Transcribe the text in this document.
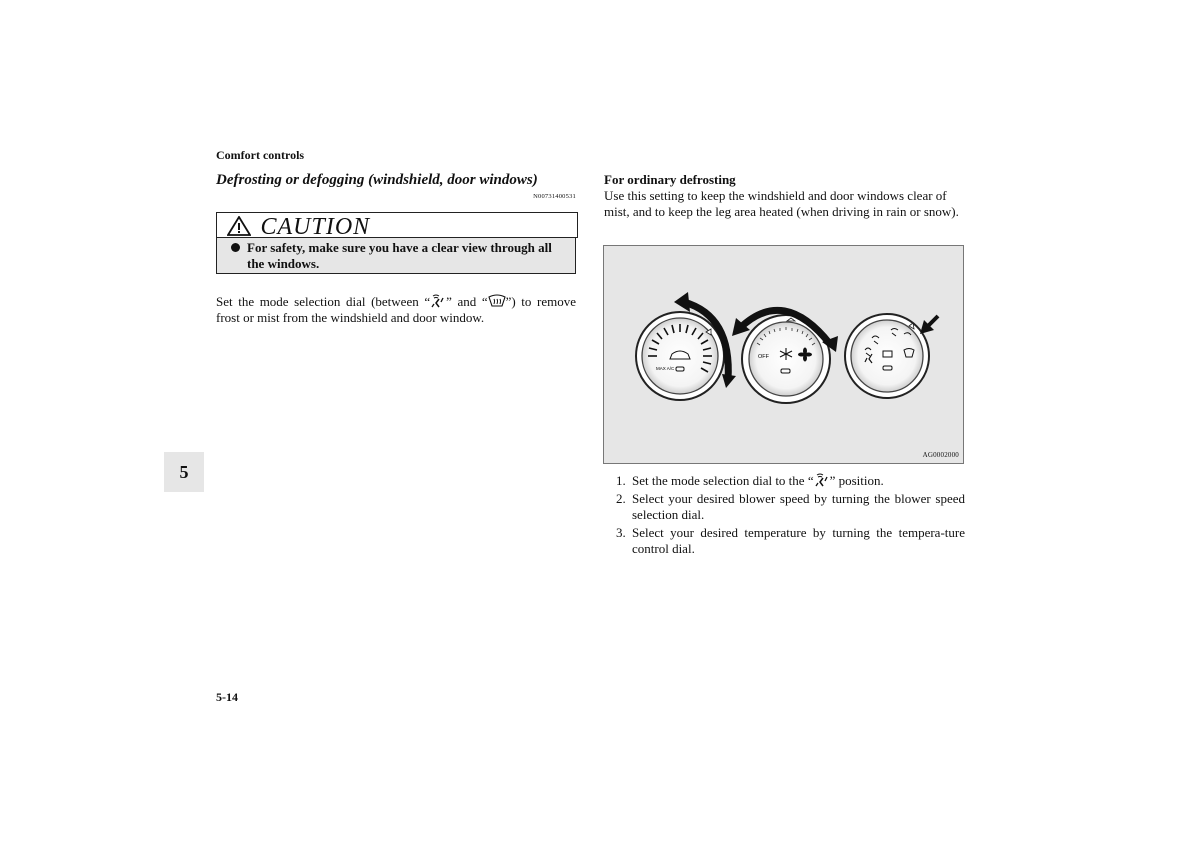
Comfort controls
Defrosting or defogging (windshield, door windows)
N00731400531
CAUTION
For safety, make sure you have a clear view through all the windows.
Set the mode selection dial (between “ ” and “ ”) to remove frost or mist from the windshield and door window.
For ordinary defrosting
Use this setting to keep the windshield and door windows clear of mist, and to keep the leg area heated (when driving in rain or snow).
MAX A/C
OFF
AG0002000
1. Set the mode selection dial to the “ ” position.
2. Select your desired blower speed by turning the blower speed selection dial.
3. Select your desired temperature by turning the tempera-ture control dial.
5
5-14
